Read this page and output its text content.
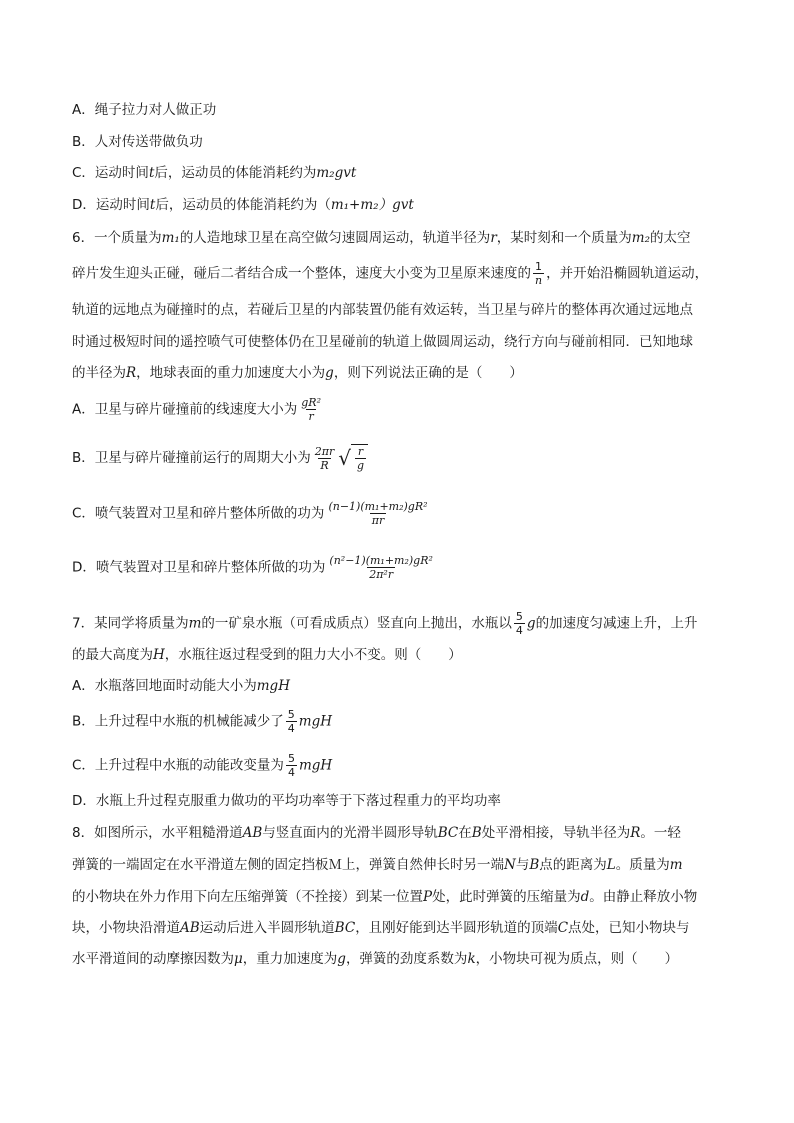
A．绳子拉力对人做正功
B．人对传送带做负功
C．运动时间t后，运动员的体能消耗约为m₂gvt
D．运动时间t后，运动员的体能消耗约为（m₁+m₂）gvt
6．一个质量为m₁的人造地球卫星在高空做匀速圆周运动，轨道半径为r，某时刻和一个质量为m₂的太空
碎片发生迎头正碰，碰后二者结合成一个整体，速度大小变为卫星原来速度的 $\frac{1}{n}$ ，并开始沿椭圆轨道运动，
轨道的远地点为碰撞时的点，若碰后卫星的内部装置仍能有效运转，当卫星与碎片的整体再次通过远地点
时通过极短时间的遥控喷气可使整体仍在卫星碰前的轨道上做圆周运动，绕行方向与碰前相同．已知地球
的半径为R，地球表面的重力加速度大小为g，则下列说法正确的是（　　）
A．卫星与碎片碰撞前的线速度大小为 $\frac{\text{gR²}}{r}$
B．卫星与碎片碰撞前运行的周期大小为 $\frac{2\pi r}{R}$ √ $\frac{r}{g}$
C．喷气装置对卫星和碎片整体所做的功为 $\frac{\text{(n−1)(m₁+m₂)gR²}}{\pi r}$
D．喷气装置对卫星和碎片整体所做的功为 $\frac{\text{(n²−1)(m₁+m₂)gR²}}{\text{2π²r}}$
7．某同学将质量为m的一矿泉水瓶（可看成质点）竖直向上抛出，水瓶以 $\frac{5}{4}$ g的加速度匀减速上升，上升
的最大高度为H，水瓶往返过程受到的阻力大小不变。则（　　）
A．水瓶落回地面时动能大小为mgH
B．上升过程中水瓶的机械能减少了 $\frac{5}{4}$ mgH
C．上升过程中水瓶的动能改变量为 $\frac{5}{4}$ mgH
D．水瓶上升过程克服重力做功的平均功率等于下落过程重力的平均功率
8．如图所示，水平粗糙滑道AB与竖直面内的光滑半圆形导轨BC在B处平滑相接，导轨半径为R。一轻
弹簧的一端固定在水平滑道左侧的固定挡板Ｍ上，弹簧自然伸长时另一端N与B点的距离为L。质量为m
的小物块在外力作用下向左压缩弹簧（不拴接）到某一位置P处，此时弹簧的压缩量为d。由静止释放小物
块，小物块沿滑道AB运动后进入半圆形轨道BC，且刚好能到达半圆形轨道的顶端C点处，已知小物块与
水平滑道间的动摩擦因数为μ，重力加速度为g，弹簧的劲度系数为k，小物块可视为质点，则（　　）
